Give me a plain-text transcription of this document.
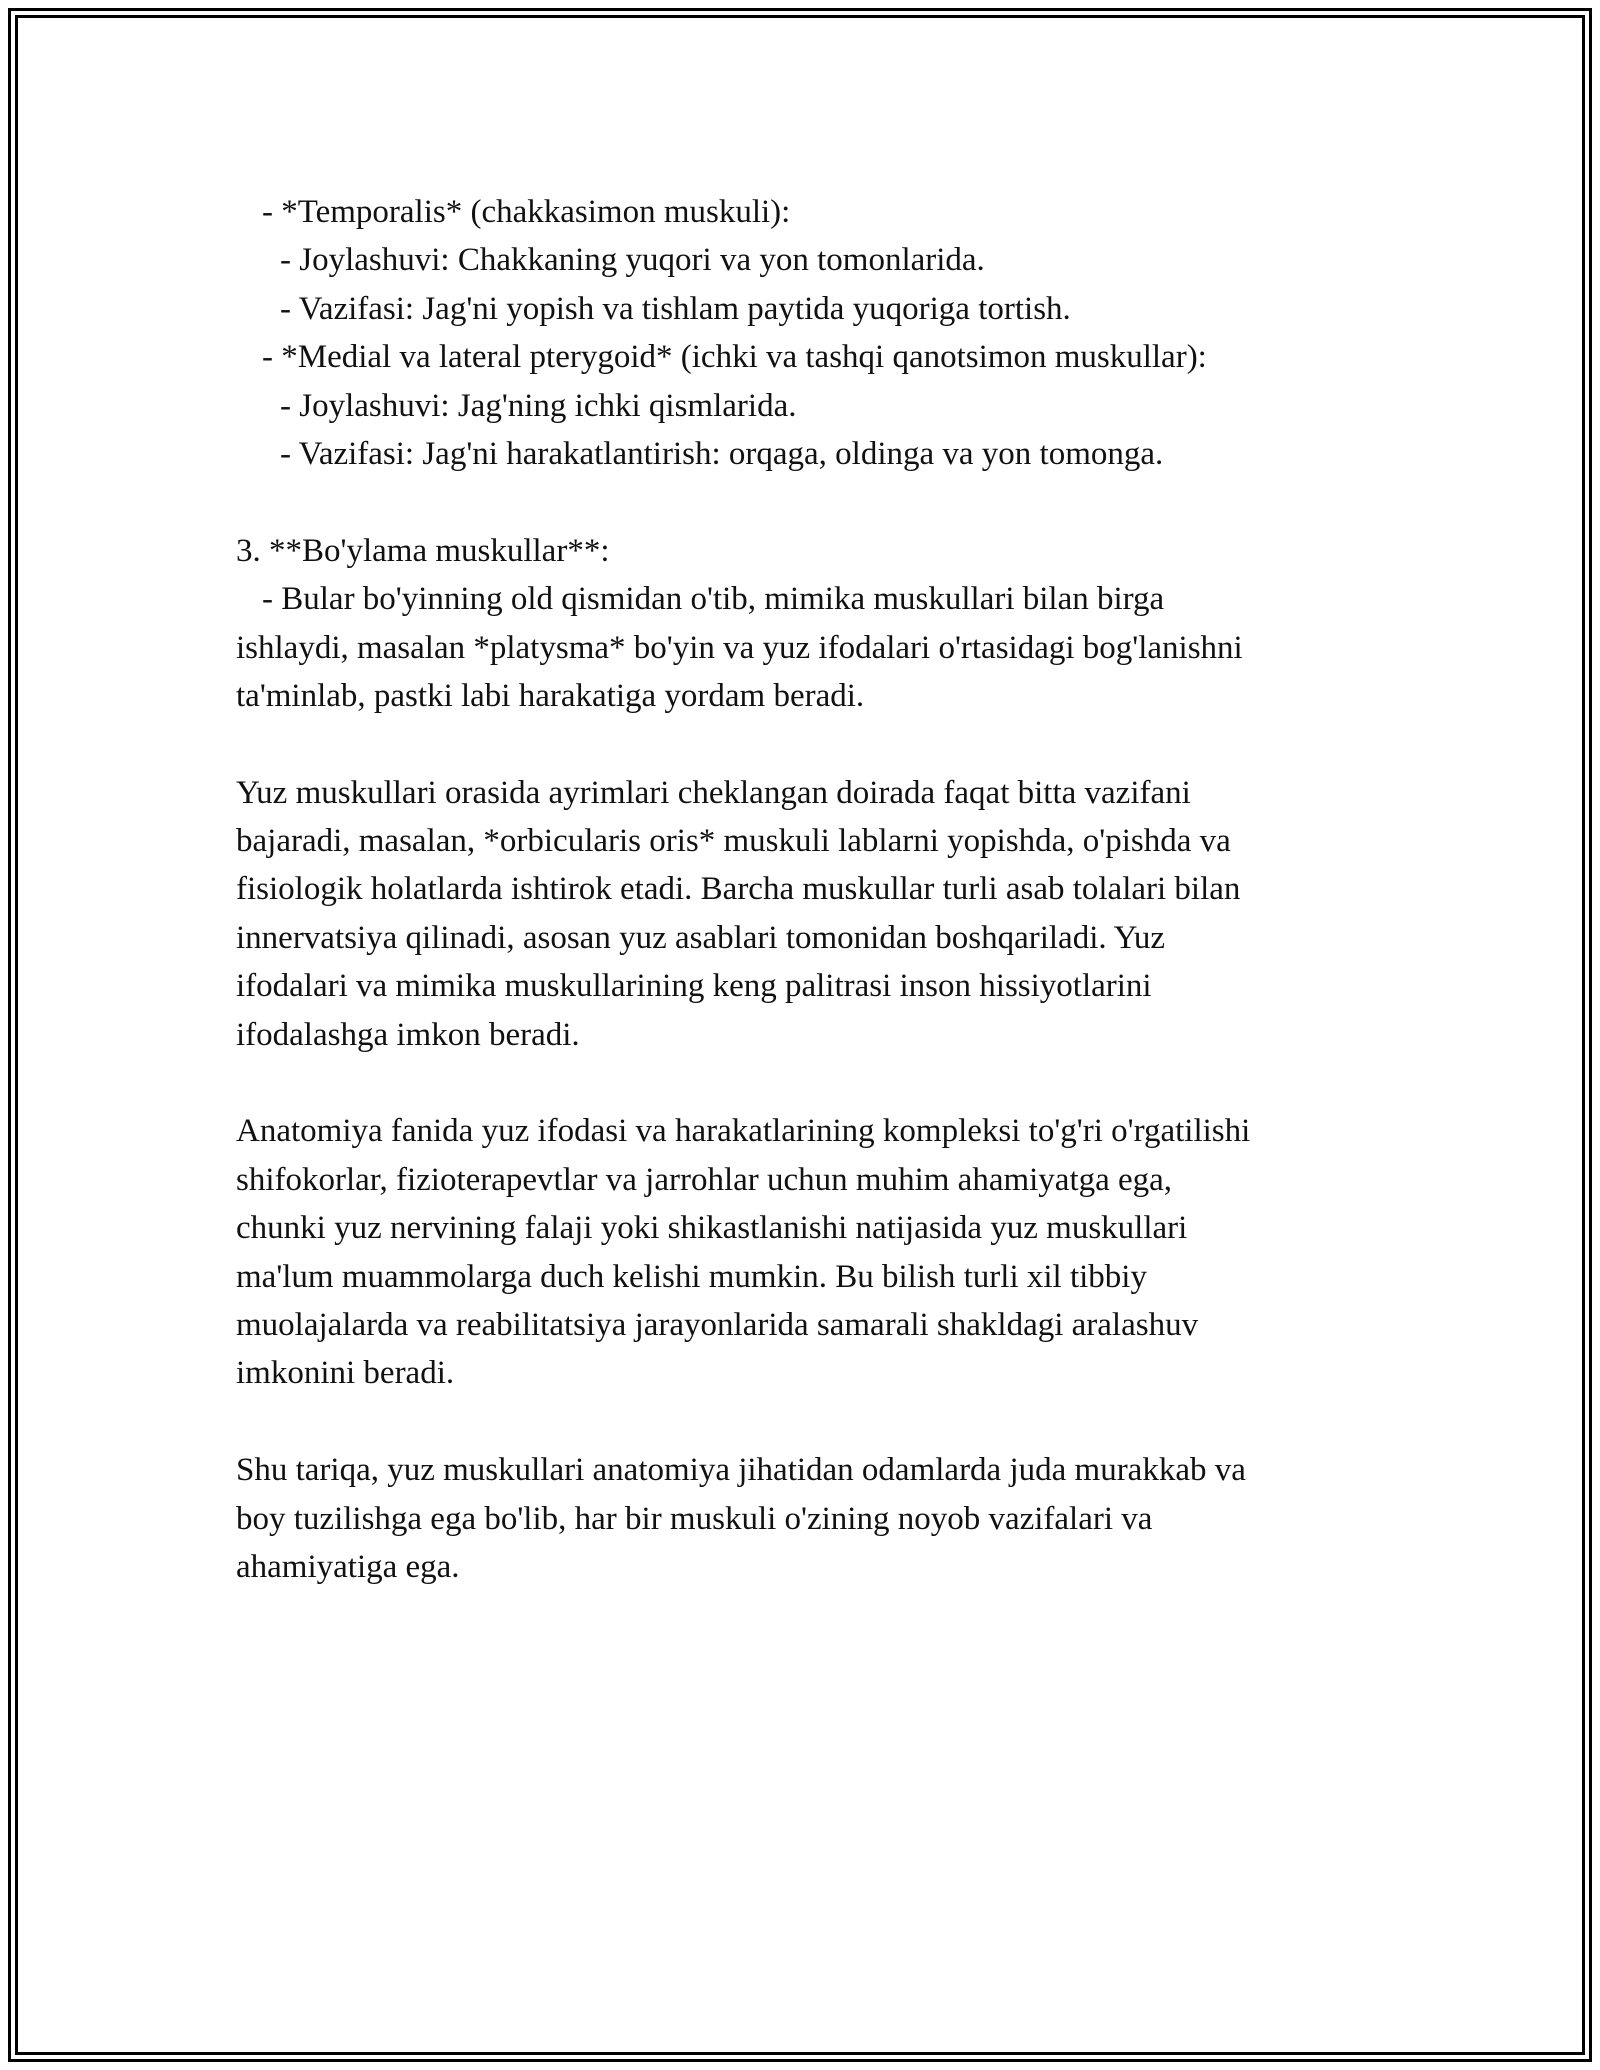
- *Temporalis* (chakkasimon muskuli):
- Joylashuvi: Chakkaning yuqori va yon tomonlarida.
- Vazifasi: Jag'ni yopish va tishlam paytida yuqoriga tortish.
- *Medial va lateral pterygoid* (ichki va tashqi qanotsimon muskullar):
- Joylashuvi: Jag'ning ichki qismlarida.
- Vazifasi: Jag'ni harakatlantirish: orqaga, oldinga va yon tomonga.
3. **Bo'ylama muskullar**:
- Bular bo'yinning old qismidan o'tib, mimika muskullari bilan birga
ishlaydi, masalan *platysma* bo'yin va yuz ifodalari o'rtasidagi bog'lanishni
ta'minlab, pastki labi harakatiga yordam beradi.
Yuz muskullari orasida ayrimlari cheklangan doirada faqat bitta vazifani
bajaradi, masalan, *orbicularis oris* muskuli lablarni yopishda, o'pishda va
fisiologik holatlarda ishtirok etadi. Barcha muskullar turli asab tolalari bilan
innervatsiya qilinadi, asosan yuz asablari tomonidan boshqariladi. Yuz
ifodalari va mimika muskullarining keng palitrasi inson hissiyotlarini
ifodalashga imkon beradi.
Anatomiya fanida yuz ifodasi va harakatlarining kompleksi to'g'ri o'rgatilishi
shifokorlar, fizioterapevtlar va jarrohlar uchun muhim ahamiyatga ega,
chunki yuz nervining falaji yoki shikastlanishi natijasida yuz muskullari
ma'lum muammolarga duch kelishi mumkin. Bu bilish turli xil tibbiy
muolajalarda va reabilitatsiya jarayonlarida samarali shakldagi aralashuv
imkonini beradi.
Shu tariqa, yuz muskullari anatomiya jihatidan odamlarda juda murakkab va
boy tuzilishga ega bo'lib, har bir muskuli o'zining noyob vazifalari va
ahamiyatiga ega.
